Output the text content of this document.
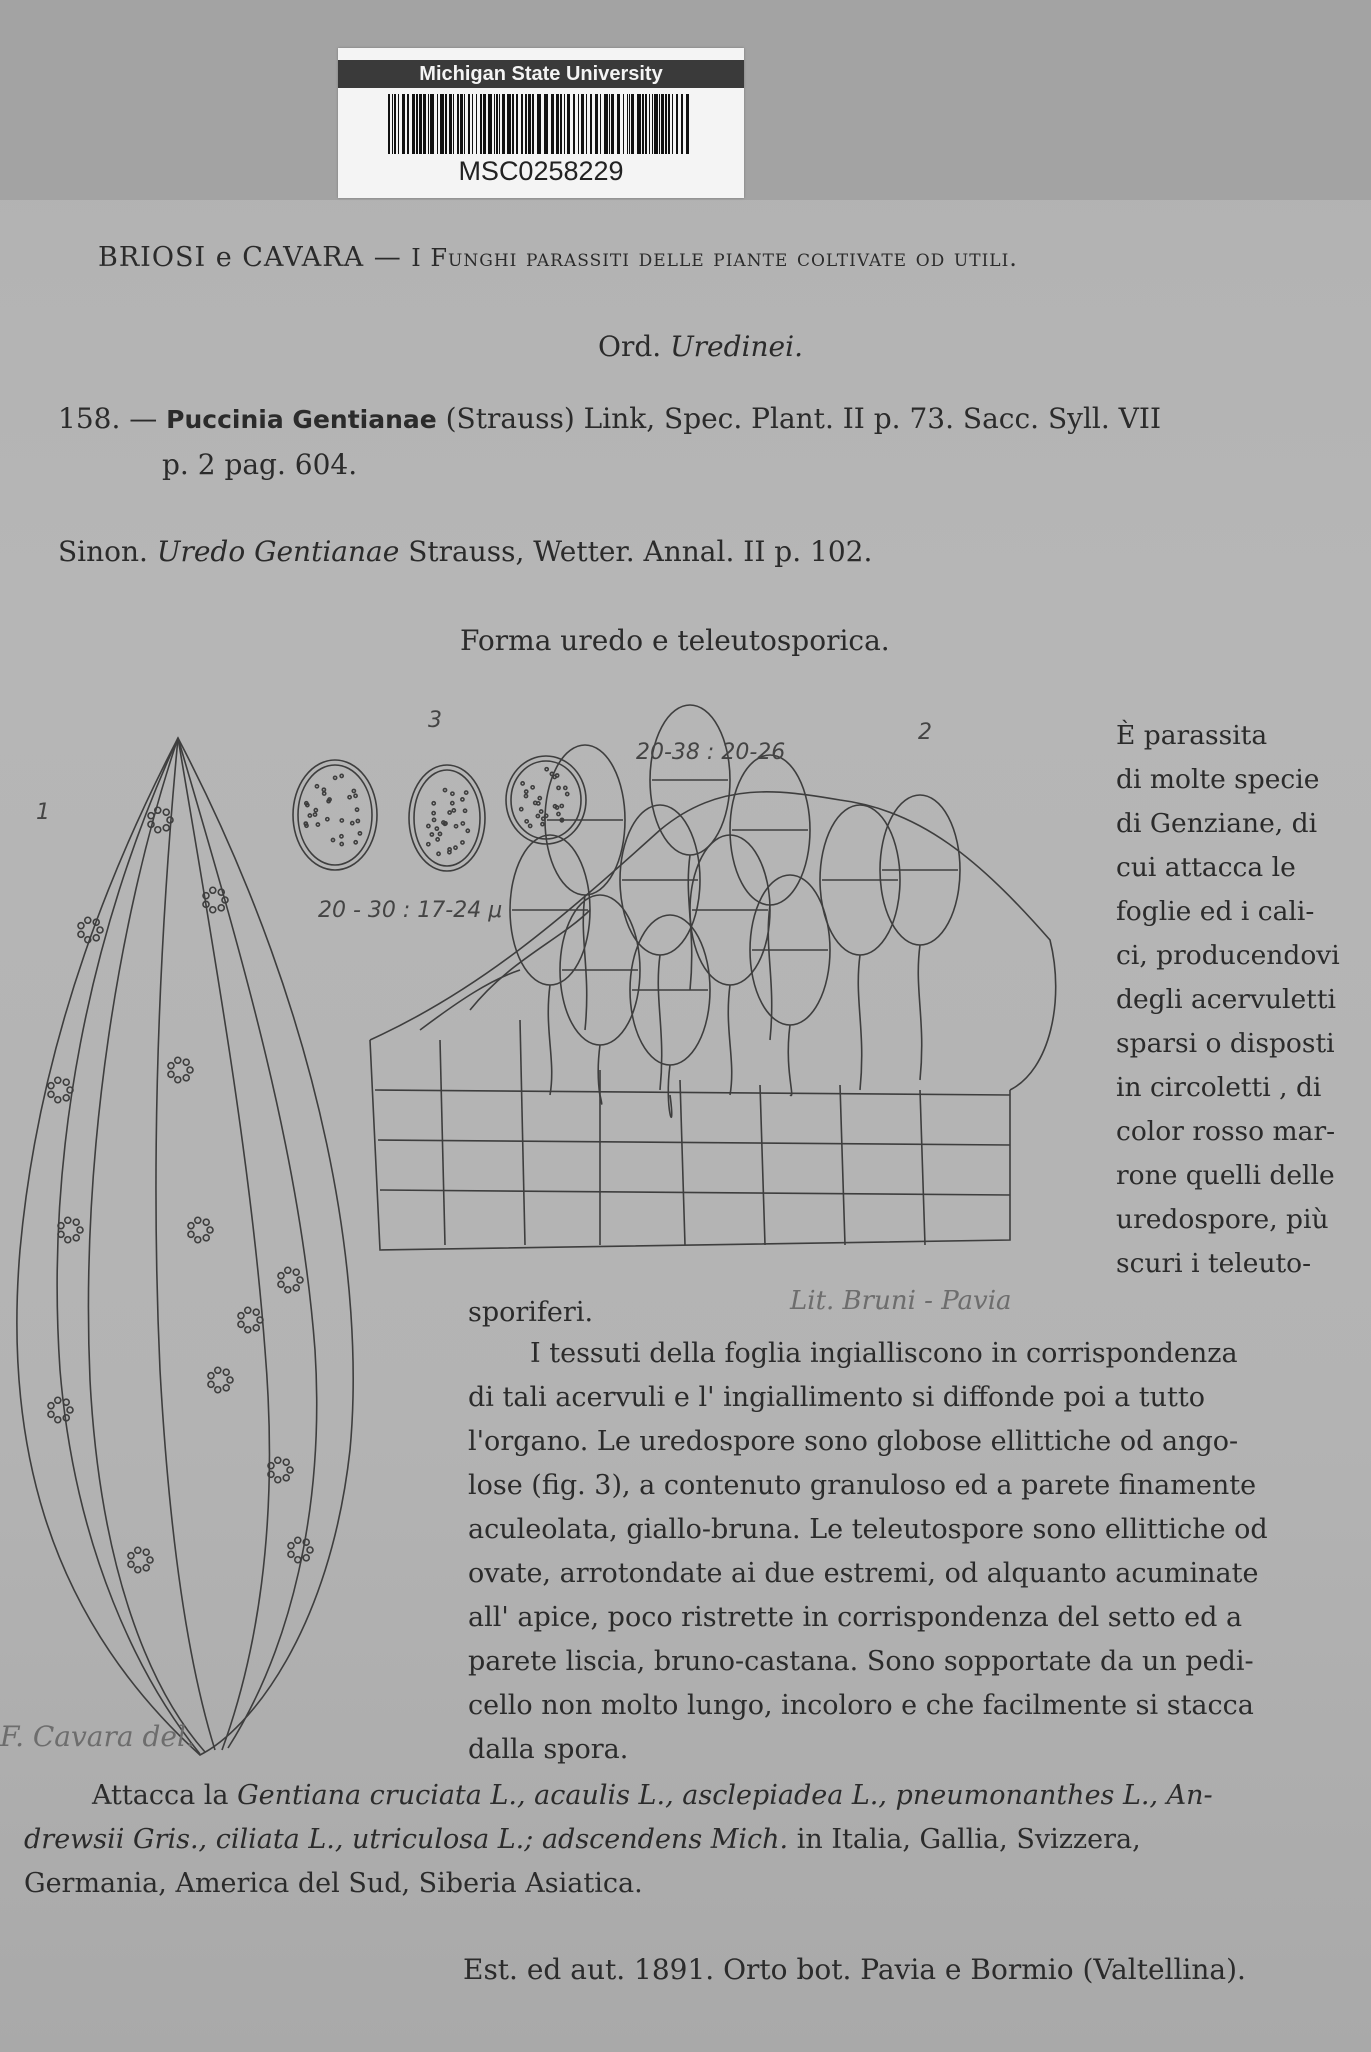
Michigan State University
MSC0258229
BRIOSI e CAVARA — I Funghi parassiti delle piante coltivate od utili.
Ord. Uredinei.
158. — Puccinia Gentianae (Strauss) Link, Spec. Plant. II p. 73. Sacc. Syll. VII
p. 2 pag. 604.
Sinon. Uredo Gentianae Strauss, Wetter. Annal. II p. 102.
Forma uredo e teleutosporica.
1
F. Cavara del.
3
20 - 30 : 17-24 μ
2
20-38 : 20-26
Lit. Bruni - Pavia
È parassita
di molte specie
di Genziane, di
cui attacca le
foglie ed i cali-
ci, producendovi
degli acervuletti
sparsi o disposti
in circoletti , di
color rosso mar-
rone quelli delle
uredospore, più
scuri i teleuto-
sporiferi.
I tessuti della foglia ingialliscono in corrispondenza
di tali acervuli e l' ingiallimento si diffonde poi a tutto
l'organo. Le uredospore sono globose ellittiche od ango-
lose (fig. 3), a contenuto granuloso ed a parete finamente
aculeolata, giallo-bruna. Le teleutospore sono ellittiche od
ovate, arrotondate ai due estremi, od alquanto acuminate
all' apice, poco ristrette in corrispondenza del setto ed a
parete liscia, bruno-castana. Sono sopportate da un pedi-
cello non molto lungo, incoloro e che facilmente si stacca
dalla spora.
Attacca la Gentiana cruciata L., acaulis L., asclepiadea L., pneumonanthes L., An-
drewsii Gris., ciliata L., utriculosa L.; adscendens Mich. in Italia, Gallia, Svizzera,
Germania, America del Sud, Siberia Asiatica.
Est. ed aut. 1891. Orto bot. Pavia e Bormio (Valtellina).
